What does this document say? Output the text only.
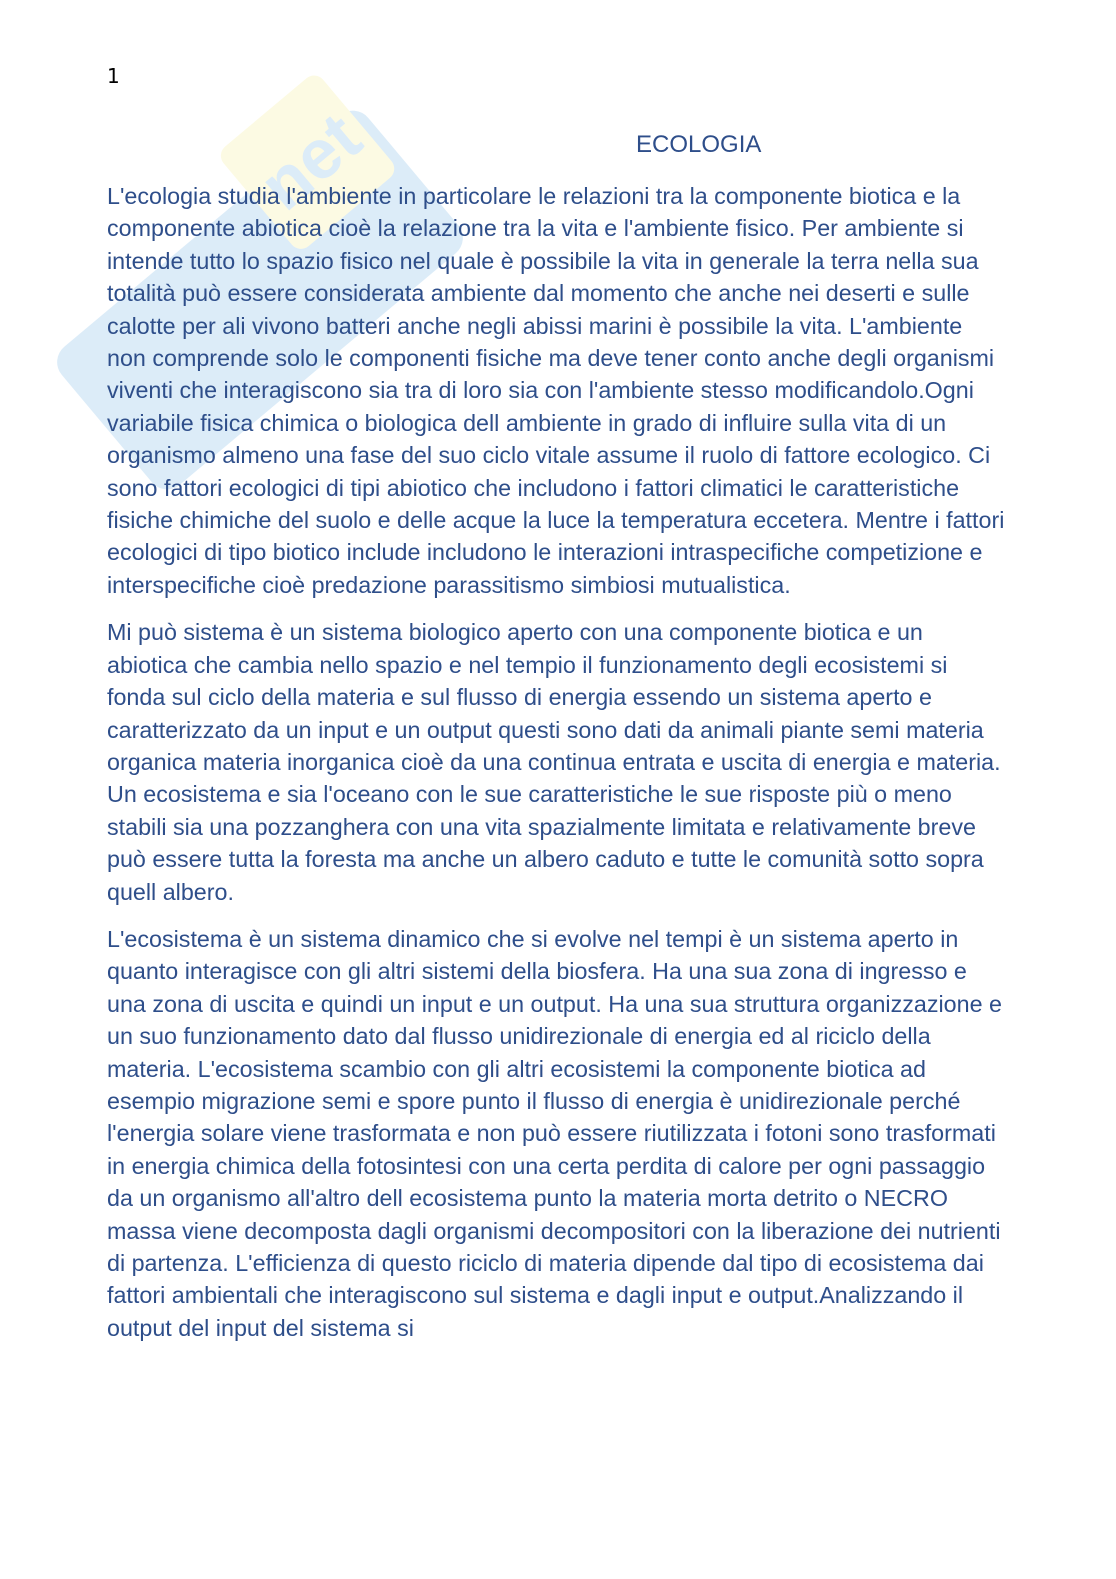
net
1
ECOLOGIA

L'ecologia studia l'ambiente in particolare le relazioni tra la componente biotica e la componente abiotica cioè la relazione tra la vita e l'ambiente fisico. Per ambiente si intende tutto lo spazio fisico nel quale è possibile la vita in generale la terra nella sua totalità può essere considerata ambiente dal momento che anche nei deserti e sulle calotte per ali vivono batteri anche negli abissi marini è possibile la vita. L'ambiente non comprende solo le componenti fisiche ma deve tener conto anche degli organismi viventi che interagiscono sia tra di loro sia con l'ambiente stesso modificandolo.Ogni variabile fisica chimica o biologica dell ambiente in grado di influire sulla vita di un organismo almeno una fase del suo ciclo vitale assume il ruolo di fattore ecologico. Ci sono fattori ecologici di tipi abiotico che includono i fattori climatici le caratteristiche fisiche chimiche del suolo e delle acque la luce la temperatura eccetera. Mentre i fattori ecologici di tipo biotico include includono le interazioni intraspecifiche competizione e interspecifiche cioè predazione parassitismo simbiosi mutualistica.

Mi può sistema è un sistema biologico aperto con una componente biotica e un abiotica che cambia nello spazio e nel tempio il funzionamento degli ecosistemi si fonda sul ciclo della materia e sul flusso di energia essendo un sistema aperto e caratterizzato da un input e un output questi sono dati da animali piante semi materia organica materia inorganica cioè da una continua entrata e uscita di energia e materia. Un ecosistema e sia l'oceano con le sue caratteristiche le sue risposte più o meno stabili sia una pozzanghera con una vita spazialmente limitata e relativamente breve può essere tutta la foresta ma anche un albero caduto e tutte le comunità sotto sopra quell albero.

L'ecosistema è un sistema dinamico che si evolve nel tempi è un sistema aperto in quanto interagisce con gli altri sistemi della biosfera. Ha una sua zona di ingresso e una zona di uscita e quindi un input e un output. Ha una sua struttura organizzazione e un suo funzionamento dato dal flusso unidirezionale di energia ed al riciclo della materia. L'ecosistema scambio con gli altri ecosistemi la componente biotica ad esempio migrazione semi e spore punto il flusso di energia è unidirezionale perché l'energia solare viene trasformata e non può essere riutilizzata i fotoni sono trasformati in energia chimica della fotosintesi con una certa perdita di calore per ogni passaggio da un organismo all'altro dell ecosistema punto la materia morta detrito o NECRO massa viene decomposta dagli organismi decompositori con la liberazione dei nutrienti di partenza. L'efficienza di questo riciclo di materia dipende dal tipo di ecosistema dai fattori ambientali che interagiscono sul sistema e dagli input e output.Analizzando il output del input del sistema si
